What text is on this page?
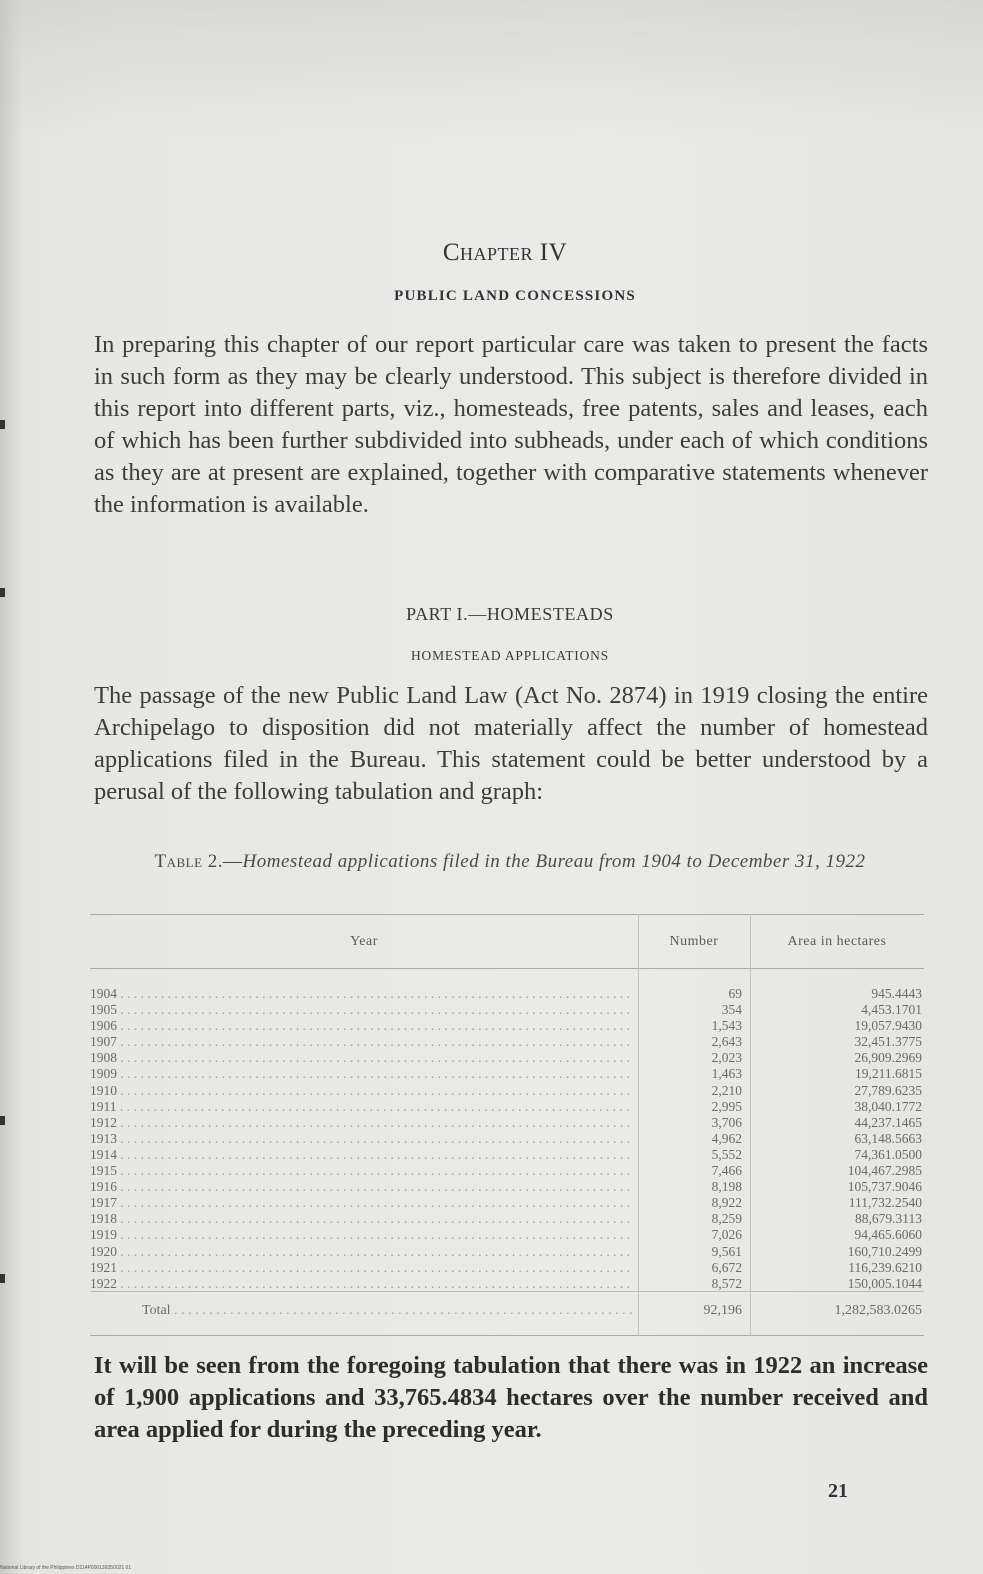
Chapter IV
PUBLIC LAND CONCESSIONS

In preparing this chapter of our report particular care was taken to present the facts in such form as they may be clearly understood. This subject is therefore divided in this report into different parts, viz., homesteads, free patents, sales and leases, each of which has been further subdivided into subheads, under each of which conditions as they are at present are explained, together with comparative statements whenever the information is available.

PART I.—HOMESTEADS
HOMESTEAD APPLICATIONS

The passage of the new Public Land Law (Act No. 2874) in 1919 closing the entire Archipelago to disposition did not materially affect the number of homestead applications filed in the Bureau. This statement could be better understood by a perusal of the following tabulation and graph:

Table 2.—Homestead applications filed in the Bureau from 1904 to December 31, 1922
Year	Number	Area in hectares
1904 . . .	69	945.4443
1905 . . .	354	4,453.1701
1906 . . .	1,543	19,057.9430
1907 . . .	2,643	32,451.3775
1908 . . .	2,023	26,909.2969
1909 . . .	1,463	19,211.6815
1910 . . .	2,210	27,789.6235
1911 . . .	2,995	38,040.1772
1912 . . .	3,706	44,237.1465
1913 . . .	4,962	63,148.5663
1914 . . .	5,552	74,361.0500
1915 . . .	7,466	104,467.2985
1916 . . .	8,198	105,737.9046
1917 . . .	8,922	111,732.2540
1918 . . .	8,259	88,679.3113
1919 . . .	7,026	94,465.6060
1920 . . .	9,561	160,710.2499
1921 . . .	6,672	116,239.6210
1922 . . .	8,572	150,005.1044
Total . . .	92,196	1,282,583.0265

It will be seen from the foregoing tabulation that there was in 1922 an increase of 1,900 applications and 33,765.4834 hectares over the number received and area applied for during the preceding year.

21
National Library of the Philippines D114P000139350021 01
